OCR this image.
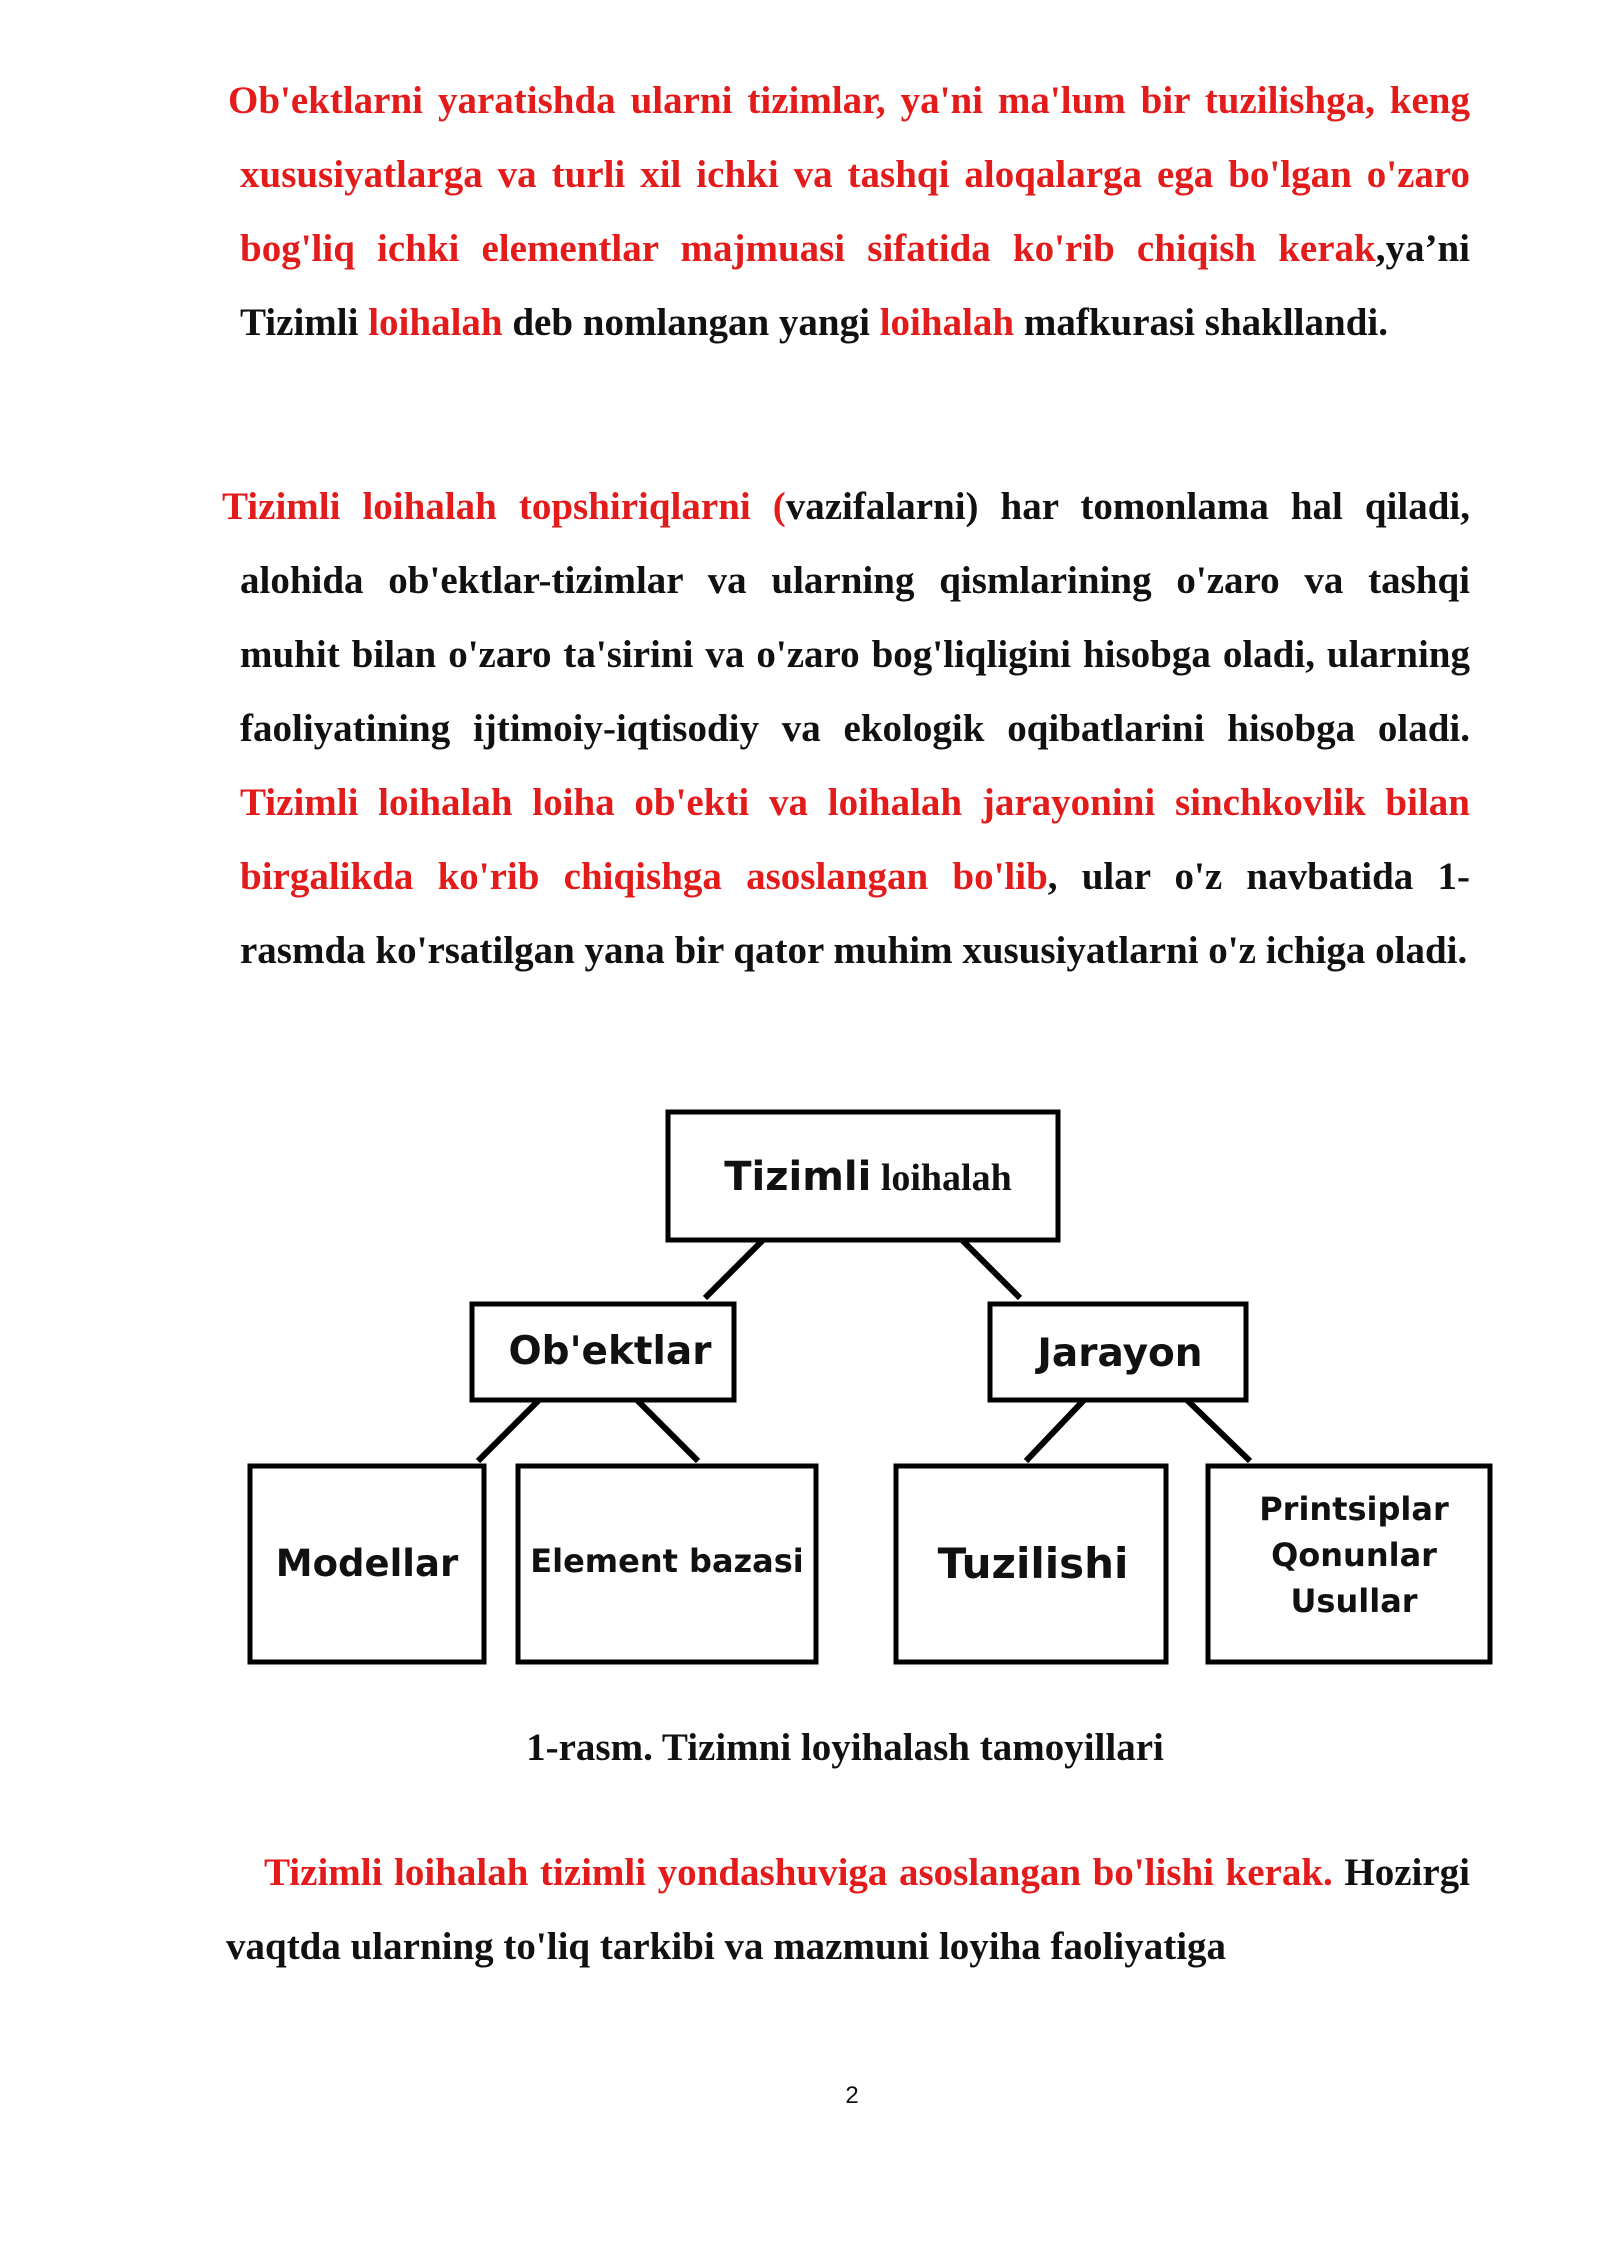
Ob'ektlarni yaratishda ularni tizimlar, ya'ni ma'lum bir tuzilishga, keng xususiyatlarga va turli xil ichki va tashqi aloqalarga ega bo'lgan o'zaro bog'liq ichki elementlar majmuasi sifatida ko'rib chiqish kerak,ya’ni Tizimli loihalah deb nomlangan yangi loihalah mafkurasi shakllandi.

Tizimli loihalah topshiriqlarni (vazifalarni) har tomonlama hal qiladi, alohida ob'ektlar-tizimlar va ularning qismlarining o'zaro va tashqi muhit bilan o'zaro ta'sirini va o'zaro bog'liqligini hisobga oladi, ularning faoliyatining ijtimoiy-iqtisodiy va ekologik oqibatlarini hisobga oladi. Tizimli loihalah loiha ob'ekti va loihalah jarayonini sinchkovlik bilan birgalikda ko'rib chiqishga asoslangan bo'lib, ular o'z navbatida 1-rasmda ko'rsatilgan yana bir qator muhim xususiyatlarni o'z ichiga oladi.

Tizimli loihalah
Ob'ektlar	Jarayon
Modellar Element bazasi	Tuzilishi
Printsiplar
Qonunlar
Usullar

1-rasm. Tizimni loyihalash tamoyillari

Tizimli loihalah tizimli yondashuviga asoslangan bo'lishi kerak. Hozirgi vaqtda ularning to'liq tarkibi va mazmuni loyiha faoliyatiga

2
